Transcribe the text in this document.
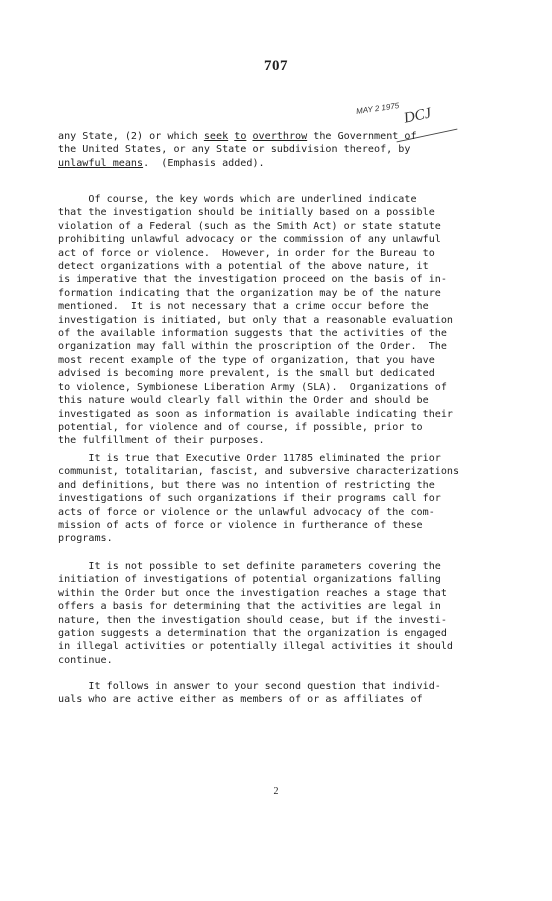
707
MAY 2 1975 DCJ

any State, (2) or which seek to overthrow the Government of

the United States, or any State or subdivision thereof, by

unlawful means.  (Emphasis added).

Of course, the key words which are underlined indicate

that the investigation should be initially based on a possible

violation of a Federal (such as the Smith Act) or state statute

prohibiting unlawful advocacy or the commission of any unlawful

act of force or violence.  However, in order for the Bureau to

detect organizations with a potential of the above nature, it

is imperative that the investigation proceed on the basis of in-

formation indicating that the organization may be of the nature

mentioned.  It is not necessary that a crime occur before the

investigation is initiated, but only that a reasonable evaluation

of the available information suggests that the activities of the

organization may fall within the proscription of the Order.  The

most recent example of the type of organization, that you have

advised is becoming more prevalent, is the small but dedicated

to violence, Symbionese Liberation Army (SLA).  Organizations of

this nature would clearly fall within the Order and should be

investigated as soon as information is available indicating their

potential, for violence and of course, if possible, prior to

the fulfillment of their purposes.

It is true that Executive Order 11785 eliminated the prior

communist, totalitarian, fascist, and subversive characterizations

and definitions, but there was no intention of restricting the

investigations of such organizations if their programs call for

acts of force or violence or the unlawful advocacy of the com-

mission of acts of force or violence in furtherance of these

programs.

It is not possible to set definite parameters covering the

initiation of investigations of potential organizations falling

within the Order but once the investigation reaches a stage that

offers a basis for determining that the activities are legal in

nature, then the investigation should cease, but if the investi-

gation suggests a determination that the organization is engaged

in illegal activities or potentially illegal activities it should

continue.

It follows in answer to your second question that individ-

uals who are active either as members of or as affiliates of

2
